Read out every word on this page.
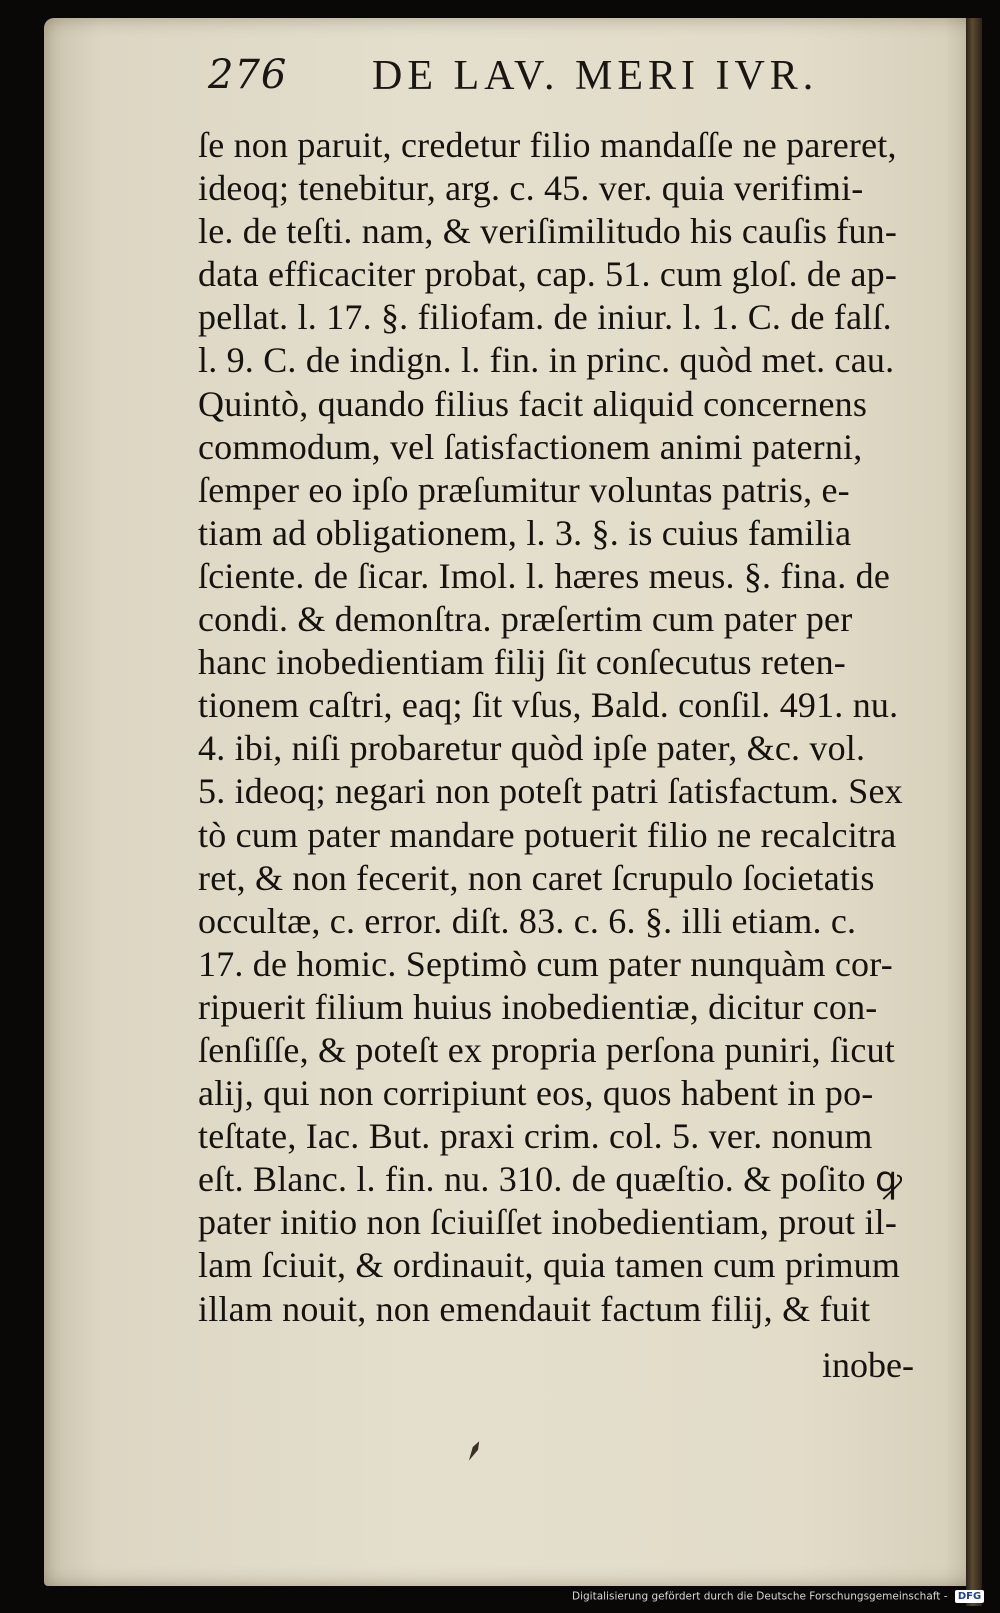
276 DE LAV. MERI IVR.
ſe non paruit, credetur filio mandaſſe ne pareret,
ideoq; tenebitur, arg. c. 45. ver. quia verifimi-
le. de teſti. nam, & veriſimilitudo his cauſis fun-
data efficaciter probat, cap. 51. cum gloſ. de ap-
pellat. l. 17. §. filiofam. de iniur. l. 1. C. de falſ.
l. 9. C. de indign. l. fin. in princ. quòd met. cau.
Quintò, quando filius facit aliquid concernens
commodum, vel ſatisfactionem animi paterni,
ſemper eo ipſo præſumitur voluntas patris, e-
tiam ad obligationem, l. 3. §. is cuius familia
ſciente. de ſicar. Imol. l. hæres meus. §. fina. de
condi. & demonſtra. præſertim cum pater per
hanc inobedientiam filij ſit conſecutus reten-
tionem caſtri, eaq; ſit vſus, Bald. conſil. 491. nu.
4. ibi, niſi probaretur quòd ipſe pater, &c. vol.
5. ideoq; negari non poteſt patri ſatisfactum. Sex
tò cum pater mandare potuerit filio ne recalcitra
ret, & non fecerit, non caret ſcrupulo ſocietatis
occultæ, c. error. diſt. 83. c. 6. §. illi etiam. c.
17. de homic. Septimò cum pater nunquàm cor-
ripuerit filium huius inobedientiæ, dicitur con-
ſenſiſſe, & poteſt ex propria perſona puniri, ſicut
alij, qui non corripiunt eos, quos habent in po-
teſtate, Iac. But. praxi crim. col. 5. ver. nonum
eſt. Blanc. l. fin. nu. 310. de quæſtio. & poſito ꝙ
pater initio non ſciuiſſet inobedientiam, prout il-
lam ſciuit, & ordinauit, quia tamen cum primum
illam nouit, non emendauit factum filij, & fuit
inobe-
Digitalisierung gefördert durch die Deutsche Forschungsgemeinschaft - DFG
